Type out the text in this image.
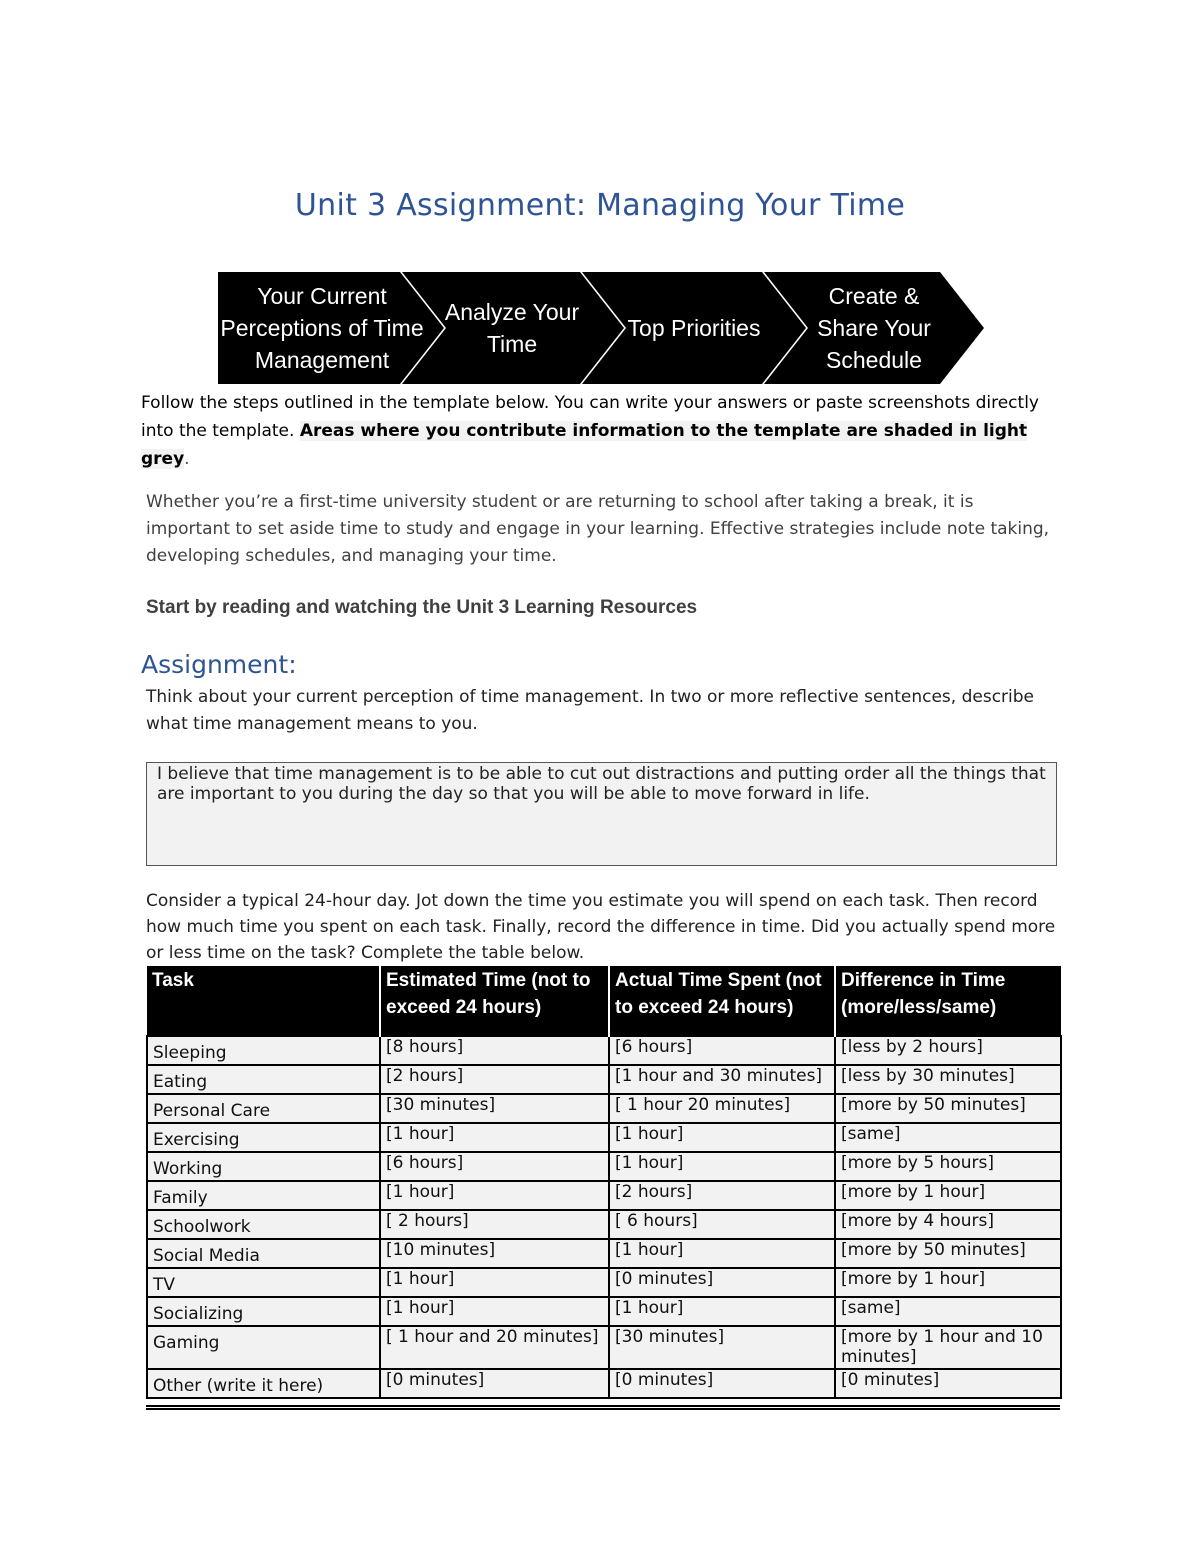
Unit 3 Assignment: Managing Your Time
Your Current
Perceptions of Time
Management
Analyze Your
Time
Top Priorities
Create &
Share Your
Schedule
Follow the steps outlined in the template below. You can write your answers or paste screenshots directly into the template. Areas where you contribute information to the template are shaded in light grey.
Whether you’re a first-time university student or are returning to school after taking a break, it is important to set aside time to study and engage in your learning. Effective strategies include note taking, developing schedules, and managing your time.
Start by reading and watching the Unit 3 Learning Resources
Assignment:
Think about your current perception of time management. In two or more reflective sentences, describe what time management means to you.
I believe that time management is to be able to cut out distractions and putting order all the things that are important to you during the day so that you will be able to move forward in life.
Consider a typical 24-hour day. Jot down the time you estimate you will spend on each task. Then record how much time you spent on each task. Finally, record the difference in time. Did you actually spend more or less time on the task? Complete the table below.
Task	Estimated Time (not to exceed 24 hours)	Actual Time Spent (not to exceed 24 hours)	Difference in Time (more/less/same)
Sleeping	[8 hours]	[6 hours]	[less by 2 hours]
Eating	[2 hours]	[1 hour and 30 minutes]	[less by 30 minutes]
Personal Care	[30 minutes]	[ 1 hour 20 minutes]	[more by 50 minutes]
Exercising	[1 hour]	[1 hour]	[same]
Working	[6 hours]	[1 hour]	[more by 5 hours]
Family	[1 hour]	[2 hours]	[more by 1 hour]
Schoolwork	[ 2 hours]	[ 6 hours]	[more by 4 hours]
Social Media	[10 minutes]	[1 hour]	[more by 50 minutes]
TV	[1 hour]	[0 minutes]	[more by 1 hour]
Socializing	[1 hour]	[1 hour]	[same]
Gaming	[ 1 hour and 20 minutes]	[30 minutes]	[more by 1 hour and 10 minutes]
Other (write it here)	[0 minutes]	[0 minutes]	[0 minutes]
